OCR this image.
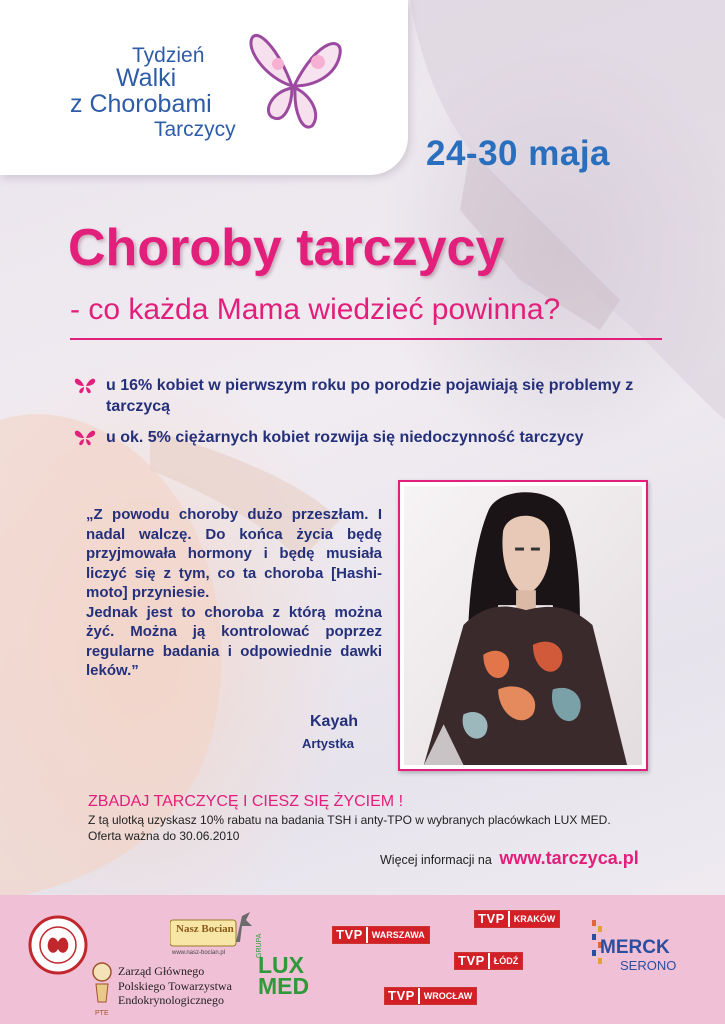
Tydzień
Walki
z Chorobami
Tarczycy
24-30 maja
Choroby tarczycy
- co każda Mama wiedzieć powinna?
u 16% kobiet w pierwszym roku po porodzie pojawiają się problemy z tarczycą
u ok. 5% ciężarnych kobiet rozwija się niedoczynność tarczycy

„Z powodu choroby dużo przeszłam. I nadal walczę. Do końca życia będę przyjmowała hormony i będę musiała liczyć się z tym, co ta choroba [Hashi-moto] przyniesie.

Jednak jest to choroba z którą można żyć. Można ją kontrolować poprzez regularne badania i odpowiednie dawki leków.”

Kayah
Artystka
ZBADAJ TARCZYCĘ I CIESZ SIĘ ŻYCIEM !
Z tą ulotką uzyskasz 10% rabatu na badania TSH i anty-TPO w wybranych placówkach LUX MED.
Oferta ważna do 30.06.2010
Więcej informacji na www.tarczyca.pl
PTE
Zarząd Głównego
Polskiego Towarzystwa
Endokrynologicznego
Nasz Bocian
www.nasz-bocian.pl	GRUPA
LUX
MED
TVP	WARSZAWA
TVP	KRAKÓW
TVP	ŁÓDŹ
TVP	WROCŁAW
MERCK
SERONO
